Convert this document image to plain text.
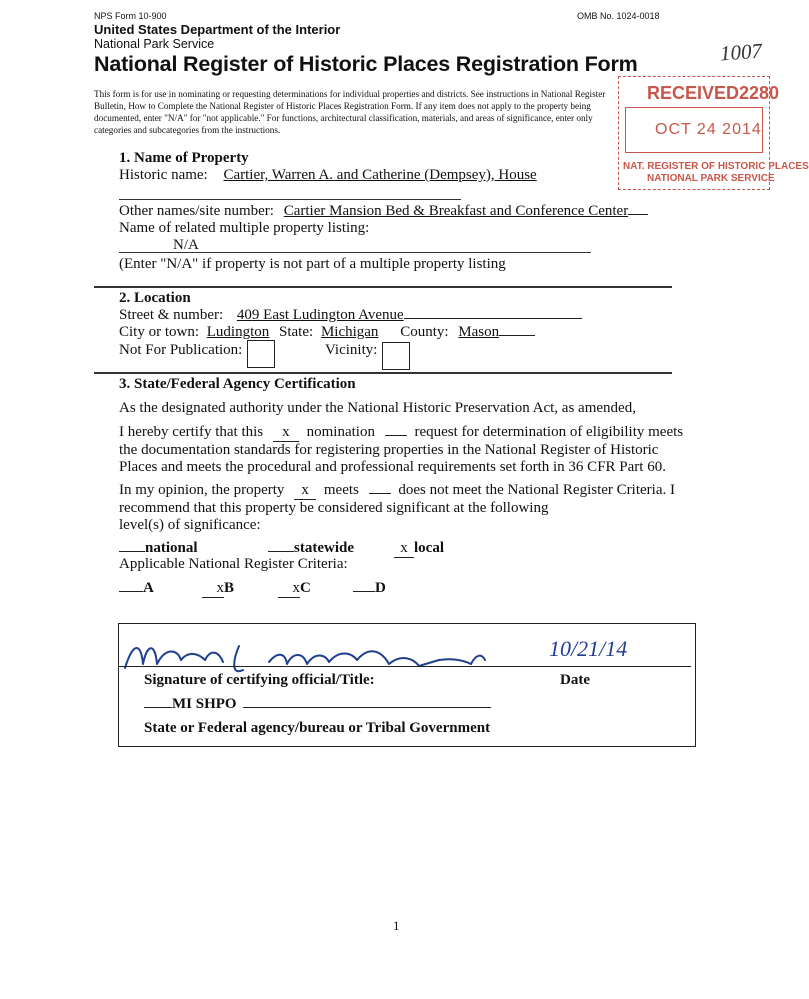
NPS Form 10-900	OMB No. 1024-0018
United States Department of the Interior
National Park Service
National Register of Historic Places Registration Form	1007
This form is for use in nominating or requesting determinations for individual properties and districts. See instructions in National Register
Bulletin, How to Complete the National Register of Historic Places Registration Form. If any item does not apply to the property being
documented, enter "N/A" for "not applicable." For functions, architectural classification, materials, and areas of significance, enter only
categories and subcategories from the instructions.
RECEIVED2280
OCT 24 2014
NAT. REGISTER OF HISTORIC PLACES
NATIONAL PARK SERVICE
1. Name of Property
Historic name: Cartier, Warren A. and Catherine (Dempsey), House
Other names/site number: Cartier Mansion Bed & Breakfast and Conference Center
Name of related multiple property listing:
N/A
(Enter "N/A" if property is not part of a multiple property listing
2. Location
Street & number: 409 East Ludington Avenue
City or town: Ludington State: Michigan County: Mason
Not For Publication:	Vicinity:
3. State/Federal Agency Certification
As the designated authority under the National Historic Preservation Act, as amended,
I hereby certify that this x nomination	request for determination of eligibility meets
the documentation standards for registering properties in the National Register of Historic
Places and meets the procedural and professional requirements set forth in 36 CFR Part 60.
In my opinion, the property x meets	does not meet the National Register Criteria. I
recommend that this property be considered significant at the following
level(s) of significance:
national	statewide	x local
Applicable National Register Criteria:
A	xB	xC	D
10/21/14
Signature of certifying official/Title:	Date
MI SHPO
State or Federal agency/bureau or Tribal Government
1
